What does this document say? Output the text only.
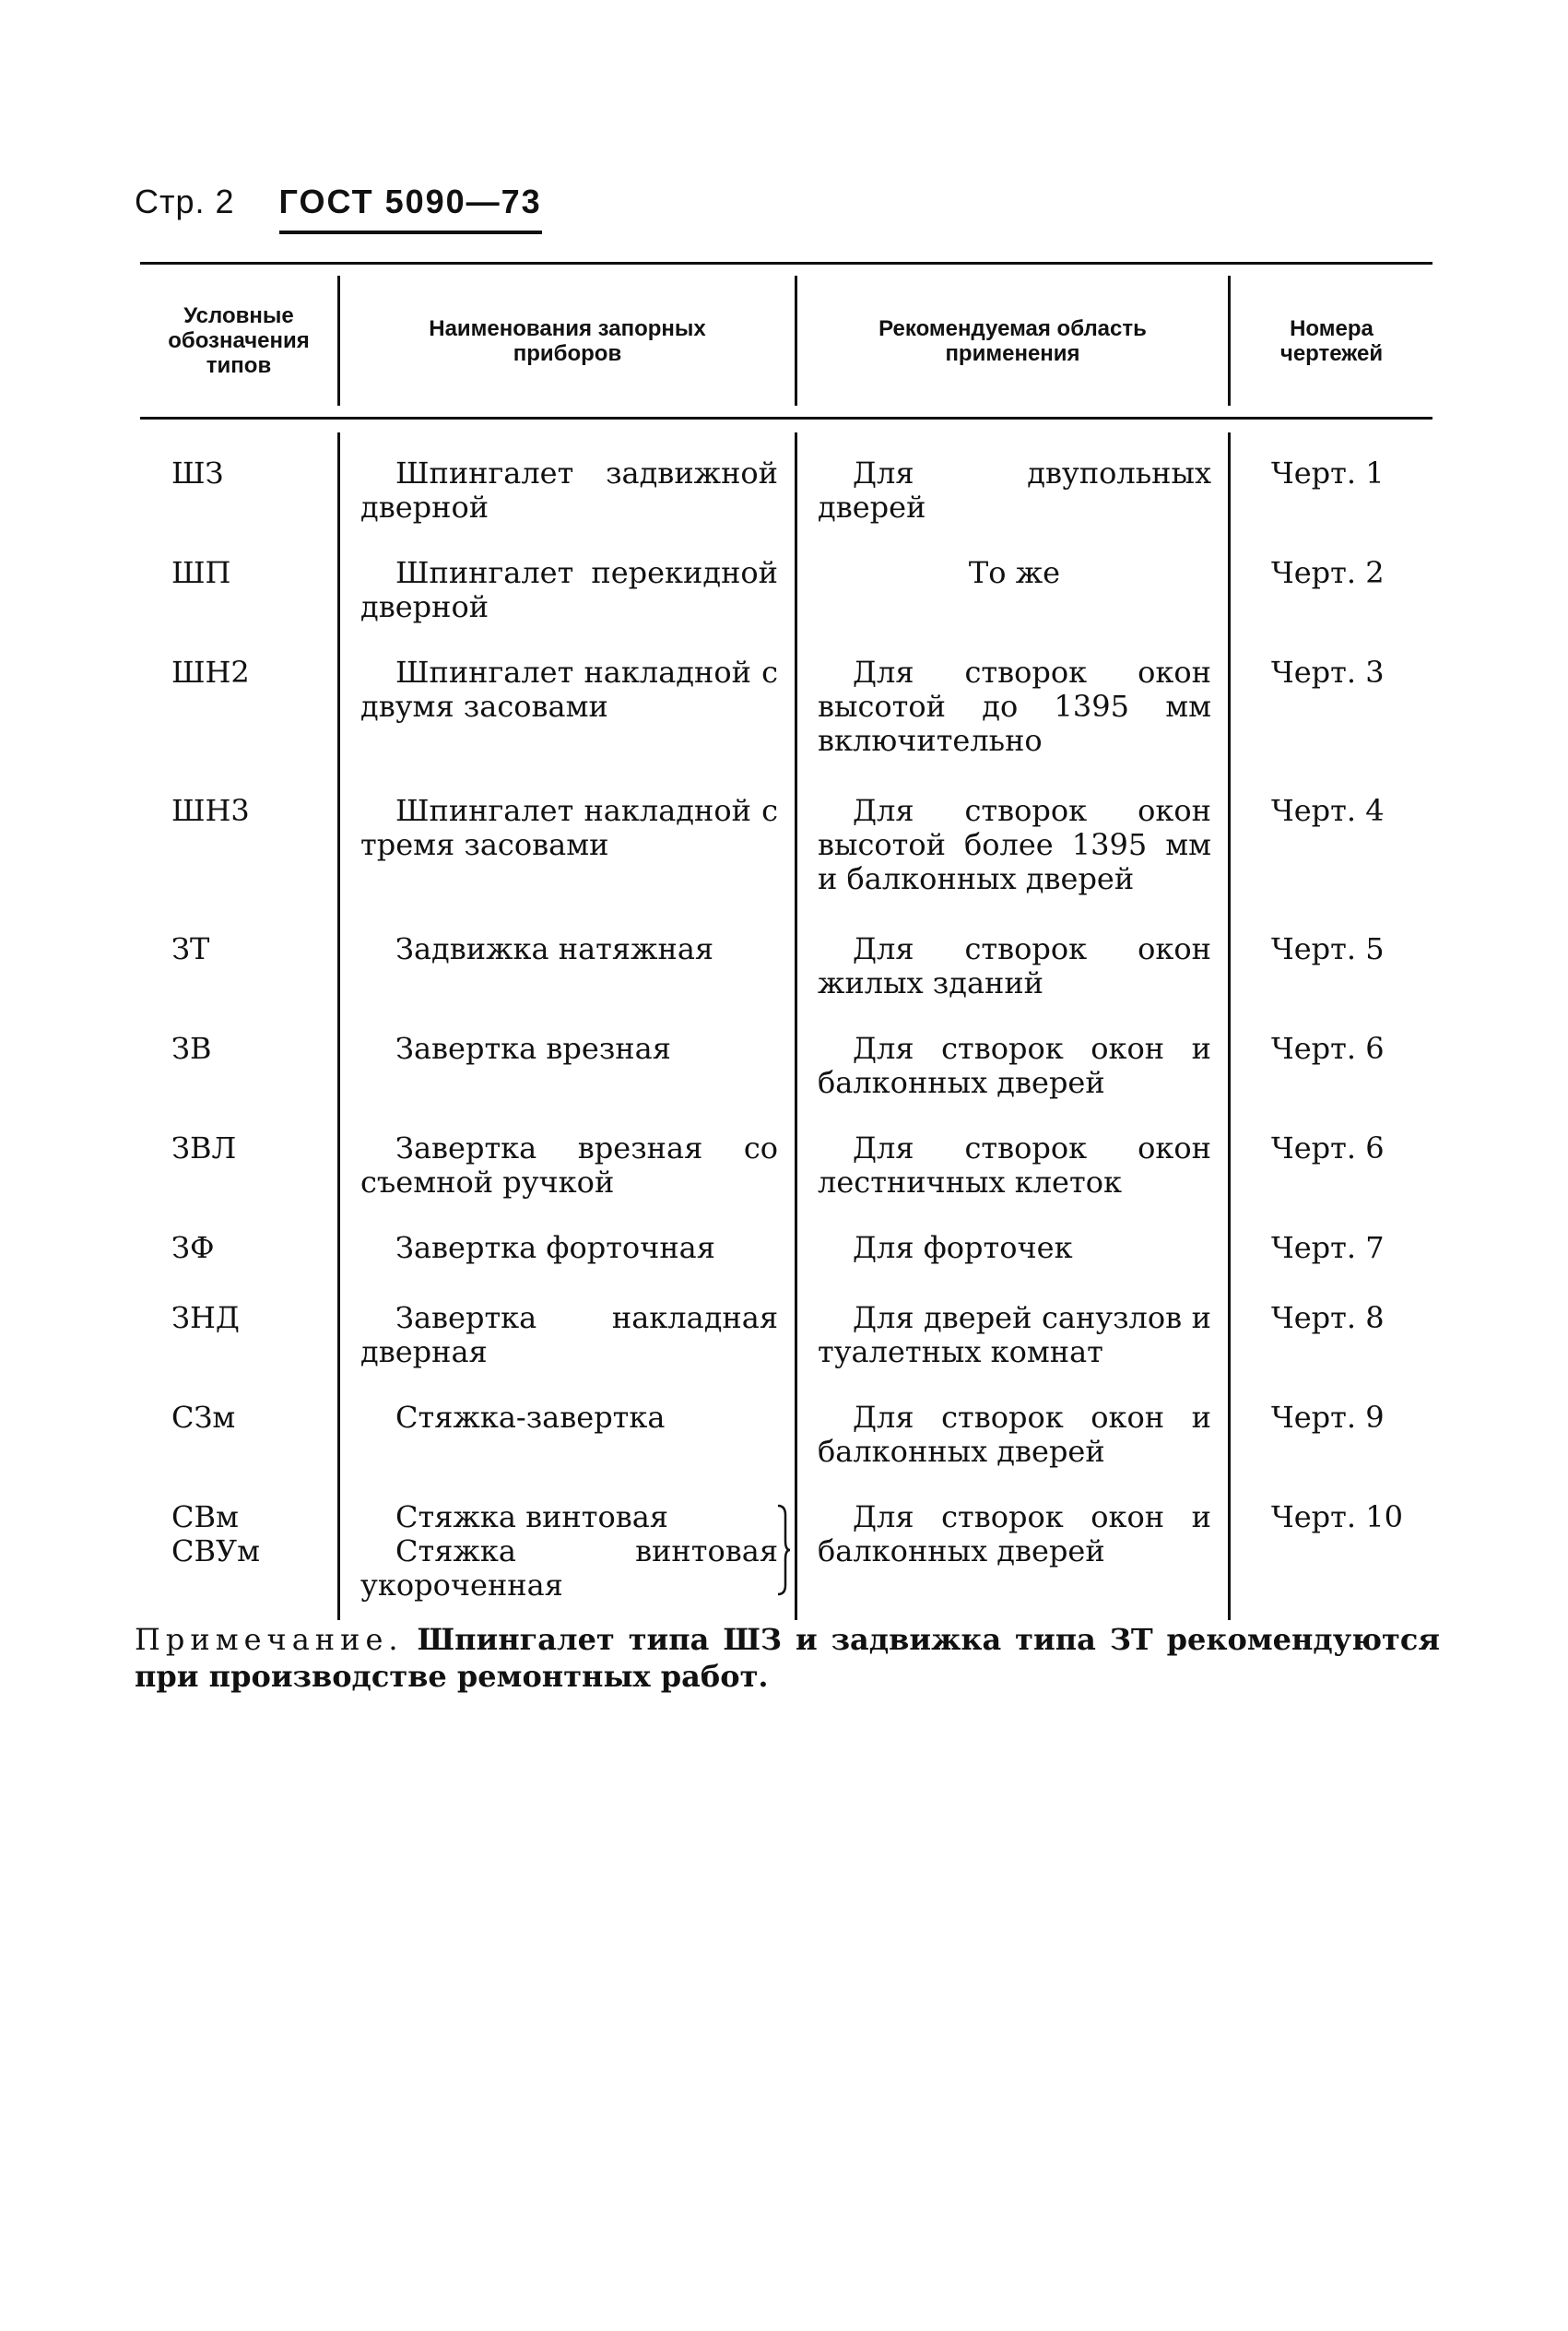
Стр. 2 ГОСТ 5090—73
Условные
обозначения
типов
Наименования запорных
приборов
Рекомендуемая область
применения
Номера
чертежей
ШЗ
ШП
ШН2
ШН3
ЗТ
ЗВ
ЗВЛ
ЗФ
ЗНД
СЗм
СВм
СВУм
Шпингалет задвижной дверной
Шпингалет перекидной дверной
Шпингалет накладной с двумя засовами
Шпингалет накладной с тремя засовами
Задвижка натяжная
Завертка врезная
Завертка врезная со съемной ручкой
Завертка форточная
Завертка накладная дверная
Стяжка-завертка
Стяжка винтовая
Стяжка винтовая укороченная
Для двупольных дверей
То же
Для створок окон высотой до 1395 мм включительно
Для створок окон высотой более 1395 мм и балконных дверей
Для створок окон жилых зданий
Для створок окон и балконных дверей
Для створок окон лестничных клеток
Для форточек
Для дверей санузлов и туалетных комнат
Для створок окон и балконных дверей
Для створок окон и балконных дверей
Черт. 1
Черт. 2
Черт. 3
Черт. 4
Черт. 5
Черт. 6
Черт. 6
Черт. 7
Черт. 8
Черт. 9
Черт. 10
Примечание. Шпингалет типа ШЗ и задвижка типа ЗТ рекомендуются при производстве ремонтных работ.
